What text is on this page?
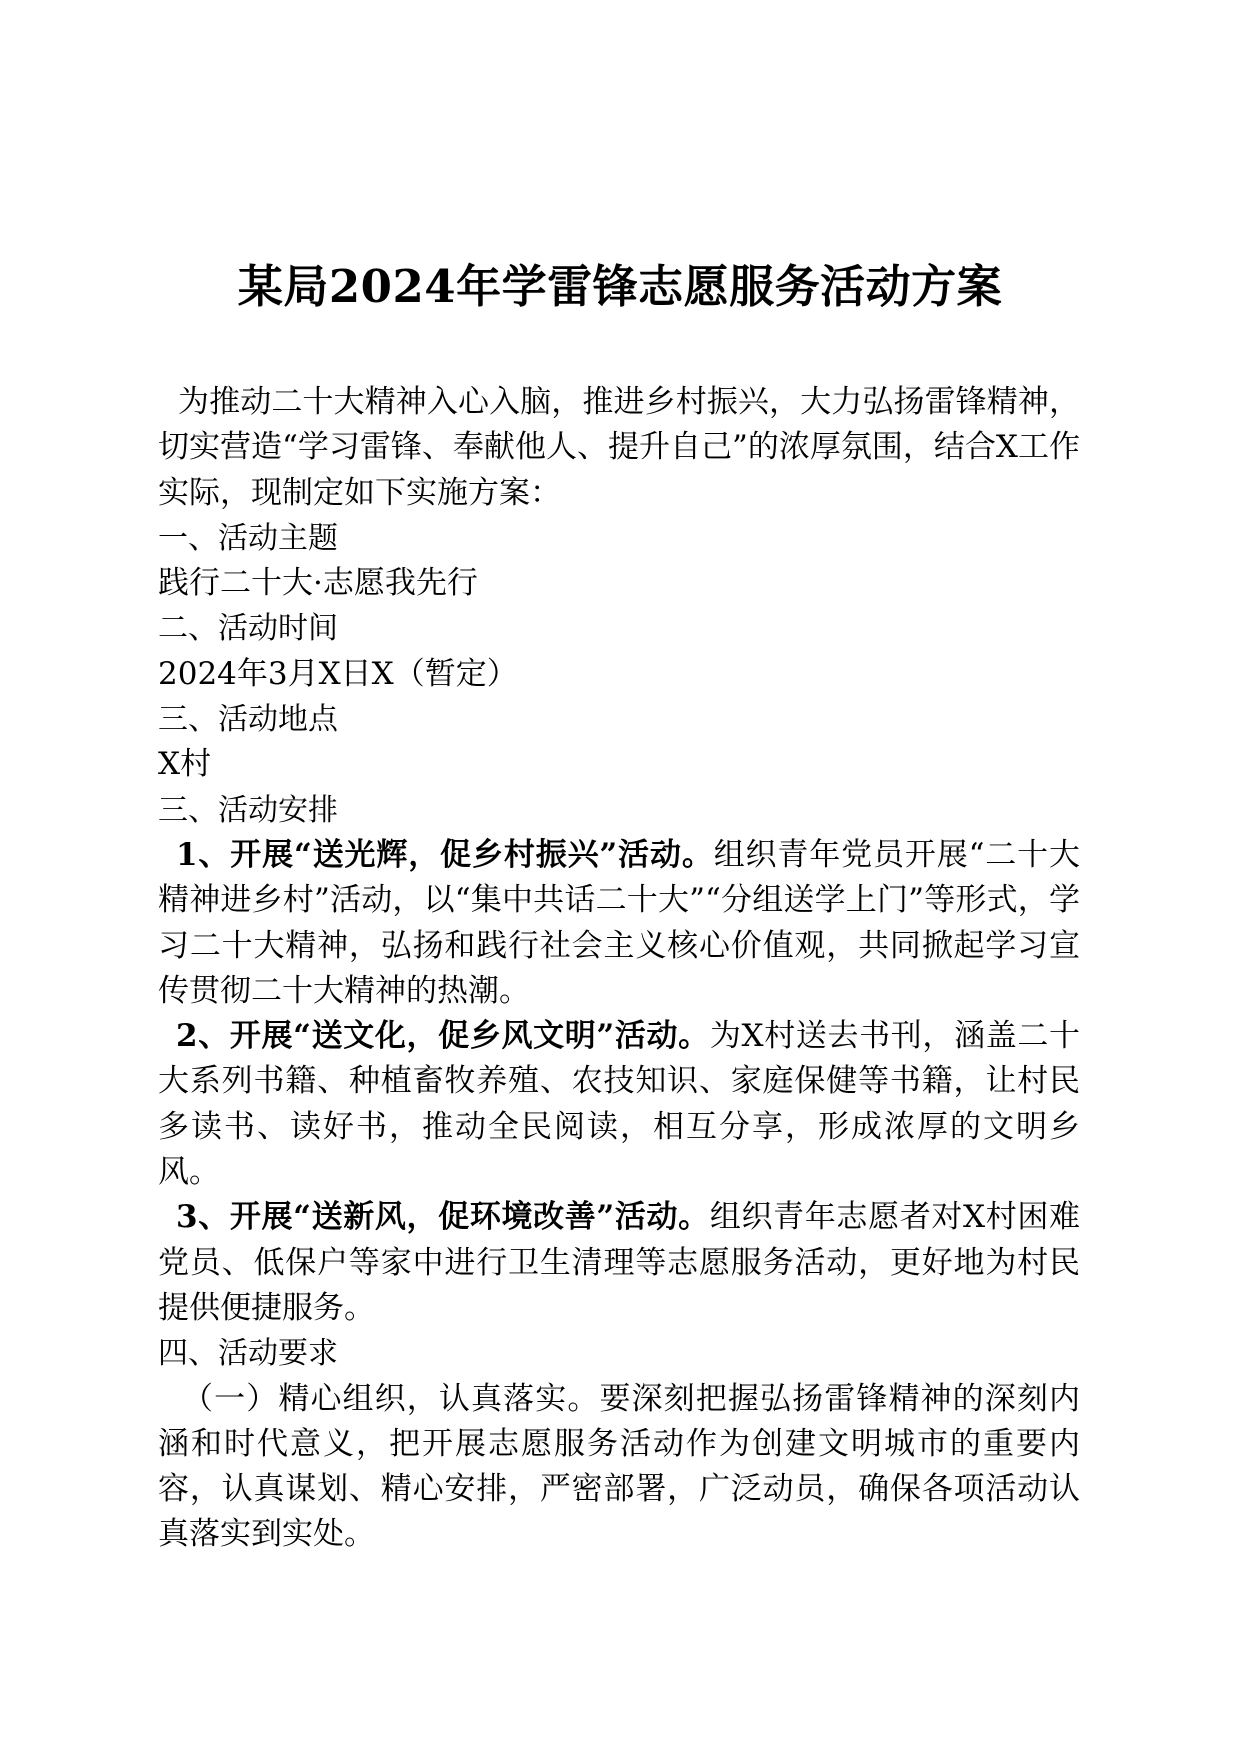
某局2024年学雷锋志愿服务活动方案

为推动二十大精神入心入脑，推进乡村振兴，大力弘扬雷锋精神，切实营造“学习雷锋、奉献他人、提升自己”的浓厚氛围，结合X工作实际，现制定如下实施方案：

一、活动主题

践行二十大·志愿我先行

二、活动时间

2024年3月X日X（暂定）

三、活动地点

X村

三、活动安排

1、开展“送光辉，促乡村振兴”活动。组织青年党员开展“二十大精神进乡村”活动，以“集中共话二十大”“分组送学上门”等形式，学习二十大精神，弘扬和践行社会主义核心价值观，共同掀起学习宣传贯彻二十大精神的热潮。

2、开展“送文化，促乡风文明”活动。为X村送去书刊，涵盖二十大系列书籍、种植畜牧养殖、农技知识、家庭保健等书籍，让村民多读书、读好书，推动全民阅读，相互分享，形成浓厚的文明乡风。

3、开展“送新风，促环境改善”活动。组织青年志愿者对X村困难党员、低保户等家中进行卫生清理等志愿服务活动，更好地为村民提供便捷服务。

四、活动要求

（一）精心组织，认真落实。要深刻把握弘扬雷锋精神的深刻内涵和时代意义，把开展志愿服务活动作为创建文明城市的重要内容，认真谋划、精心安排，严密部署，广泛动员，确保各项活动认真落实到实处。
